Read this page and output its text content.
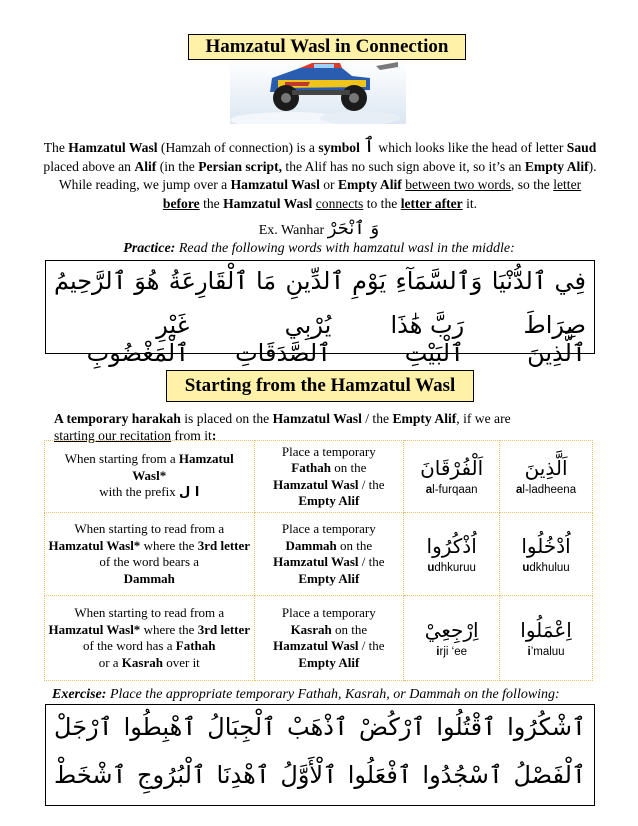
Hamzatul Wasl in Connection
The Hamzatul Wasl (Hamzah of connection) is a symbol ٱ which looks like the head of letter Saud placed above an Alif (in the Persian script, the Alif has no such sign above it, so it’s an Empty Alif). While reading, we jump over a Hamzatul Wasl or Empty Alif between two words, so the letter before the Hamzatul Wasl connects to the letter after it.
Ex. Wanhar وَ ٱنْحَرْ
Practice: Read the following words with hamzatul wasl in the middle:
فِي ٱلدُّنْيَا
وَٱلسَّمَآءِ
يَوْمِ ٱلدِّينِ
مَا ٱلْقَارِعَةُ
هُوَ ٱلرَّحِيمُ
صِرَاطَ ٱلَّذِينَ
رَبَّ هَٰذَا ٱلْبَيْتِ
يُرْبِي ٱلصَّدَقَاتِ
غَيْرِ ٱلْمَغْضُوبِ
Starting from the Hamzatul Wasl
A temporary harakah is placed on the Hamzatul Wasl / the Empty Alif, if we are
starting our recitation from it:
When starting from a Hamzatul Wasl*
with the prefix ا ل	Place a temporary
Fathah on the
Hamzatul Wasl / the
Empty Alif	اَلْفُرْقَانَ
al-furqaan	اَلَّذِينَ
al-ladheena

When starting to read from a
Hamzatul Wasl* where the 3rd letter of the word bears a
Dammah	Place a temporary
Dammah on the
Hamzatul Wasl / the
Empty Alif	اُذْكُرُوا
udhkuruu	اُدْخُلُوا
udkhuluu

When starting to read from a
Hamzatul Wasl* where the 3rd letter of the word has a Fathah
or a Kasrah over it	Place a temporary
Kasrah on the
Hamzatul Wasl / the
Empty Alif	اِرْجِعِيْ
irji ‘ee	اِعْمَلُوا
i’maluu
Exercise: Place the appropriate temporary Fathah, Kasrah, or Dammah on the following:
ٱشْكُرُوا
ٱقْتُلُوا
ٱرْكُضْ
ٱذْهَبْ
ٱلْجِبَالُ
ٱهْبِطُوا
ٱرْجَلْ
ٱلْفَصْلُ
ٱسْجُدُوا
ٱفْعَلُوا
ٱلْأَوَّلُ
ٱهْدِنَا
ٱلْبُرُوجِ
ٱشْخَطْ
